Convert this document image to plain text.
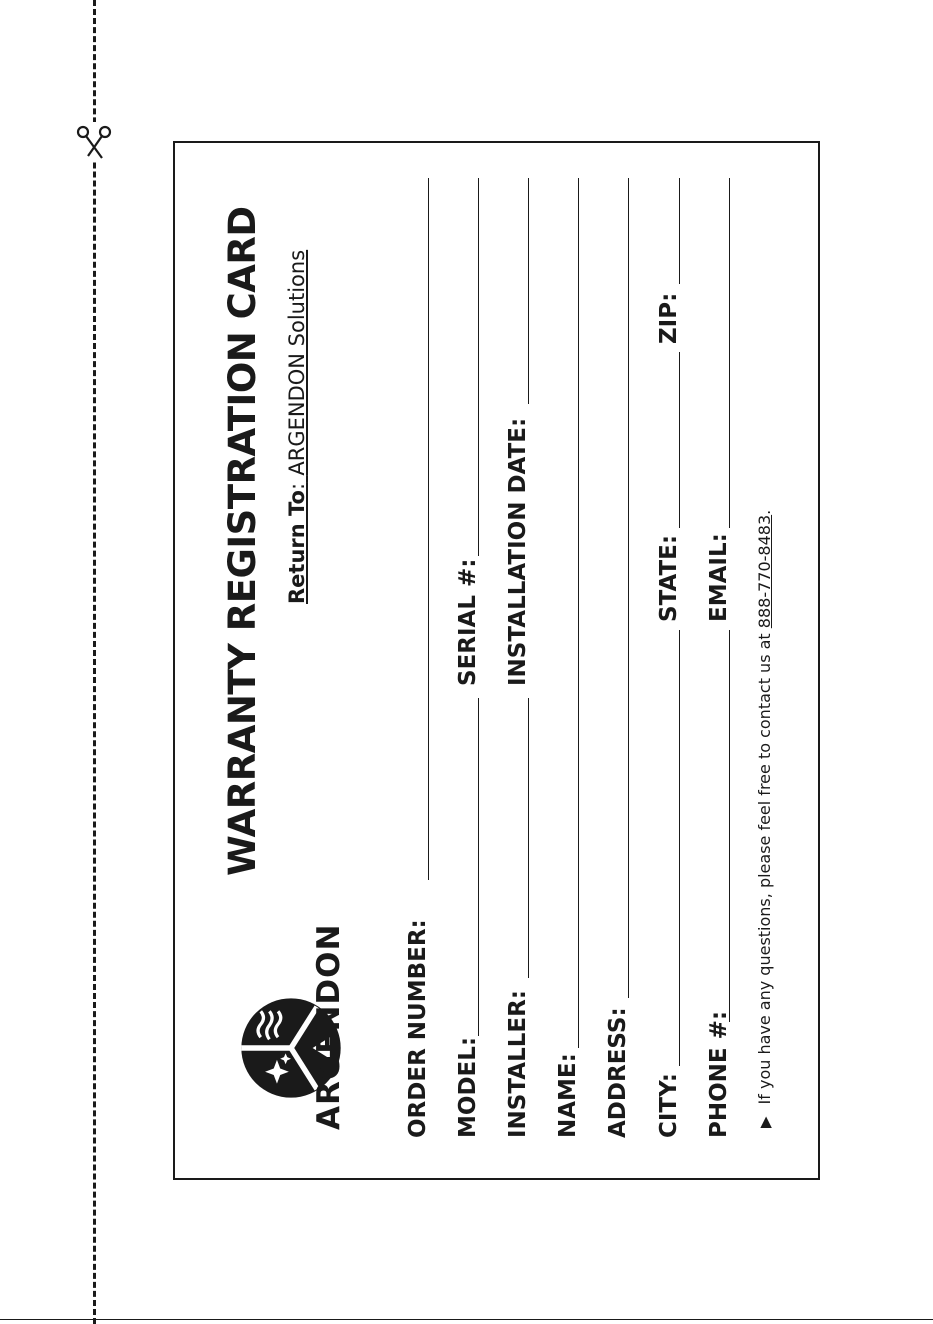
ARGENDON
WARRANTY REGISTRATION CARD Return To: ARGENDON Solutions
ORDER NUMBER: MODEL:
SERIAL #:
INSTALLER:
INSTALLATION DATE:
NAME: ADDRESS: CITY:
STATE:
ZIP:
PHONE #:
EMAIL:
▶If you have any questions, please feel free to contact us at 888-770-8483.
